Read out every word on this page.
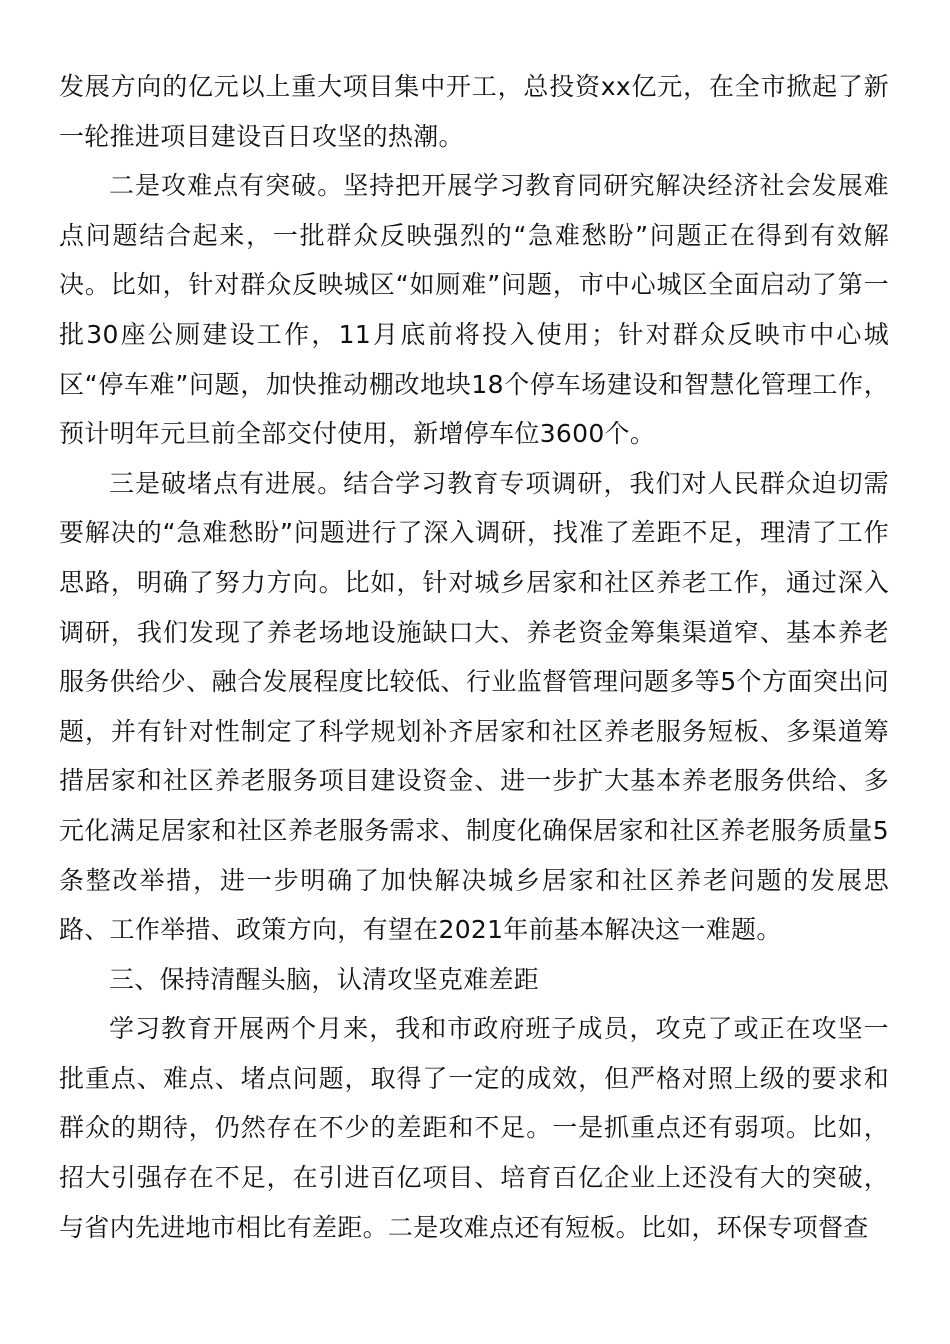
发展方向的亿元以上重大项目集中开工，总投资xx亿元，在全市掀起了新一轮推进项目建设百日攻坚的热潮。

二是攻难点有突破。坚持把开展学习教育同研究解决经济社会发展难点问题结合起来，一批群众反映强烈的“急难愁盼”问题正在得到有效解决。比如，针对群众反映城区“如厕难”问题，市中心城区全面启动了第一批30座公厕建设工作，11月底前将投入使用；针对群众反映市中心城区“停车难”问题，加快推动棚改地块18个停车场建设和智慧化管理工作，预计明年元旦前全部交付使用，新增停车位3600个。

三是破堵点有进展。结合学习教育专项调研，我们对人民群众迫切需要解决的“急难愁盼”问题进行了深入调研，找准了差距不足，理清了工作思路，明确了努力方向。比如，针对城乡居家和社区养老工作，通过深入调研，我们发现了养老场地设施缺口大、养老资金筹集渠道窄、基本养老服务供给少、融合发展程度比较低、行业监督管理问题多等5个方面突出问题，并有针对性制定了科学规划补齐居家和社区养老服务短板、多渠道筹措居家和社区养老服务项目建设资金、进一步扩大基本养老服务供给、多元化满足居家和社区养老服务需求、制度化确保居家和社区养老服务质量5条整改举措，进一步明确了加快解决城乡居家和社区养老问题的发展思路、工作举措、政策方向，有望在2021年前基本解决这一难题。

三、保持清醒头脑，认清攻坚克难差距

学习教育开展两个月来，我和市政府班子成员，攻克了或正在攻坚一批重点、难点、堵点问题，取得了一定的成效，但严格对照上级的要求和群众的期待，仍然存在不少的差距和不足。一是抓重点还有弱项。比如，招大引强存在不足，在引进百亿项目、培育百亿企业上还没有大的突破，与省内先进地市相比有差距。二是攻难点还有短板。比如，环保专项督查
